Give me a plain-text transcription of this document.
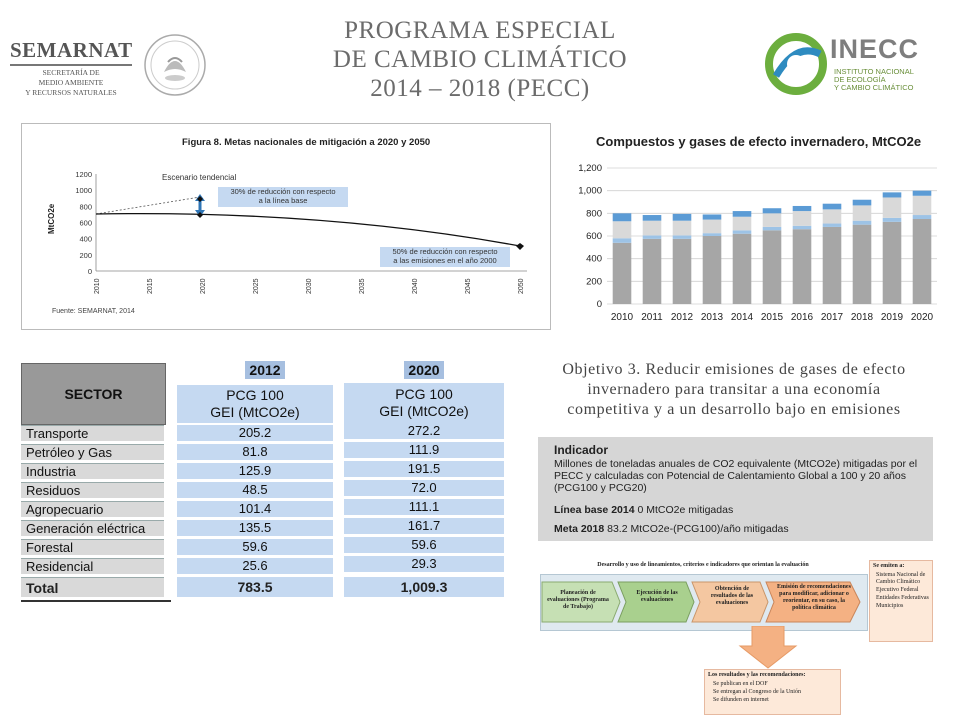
SEMARNAT
SECRETARÍA DE
MEDIO AMBIENTE
Y RECURSOS NATURALES
PROGRAMA ESPECIAL
DE CAMBIO CLIMÁTICO
2014 – 2018 (PECC)
INECC
INSTITUTO NACIONAL
DE ECOLOGÍA
Y CAMBIO CLIMÁTICO
Figura 8. Metas nacionales de mitigación a 2020 y 2050
1200
1000
800
600
400
200
0
2010	2015	2020	2025	2030	2035	2040	2045	2050
MtCO2e
Escenario tendencial
30% de reducción con respecto
a la línea base
50% de reducción con respecto
a las emisiones en el año 2000
Fuente: SEMARNAT, 2014
Compuestos y gases de efecto invernadero, MtCO2e
0
200
400
600
800
1,000
1,200
2010 2011 2012 2013 2014 2015 2016 2017 2018 2019 2020
SECTOR
2012	2020
PCG 100
GEI (MtCO2e)
PCG 100
GEI (MtCO2e)
Transporte	205.2	272.2
Petróleo y Gas	81.8	111.9
Industria	125.9	191.5
Residuos	48.5	72.0
Agropecuario	101.4	111.1
Generación eléctrica	135.5	161.7
Forestal	59.6	59.6
Residencial	25.6	29.3
Total	783.5	1,009.3
Objetivo 3. Reducir emisiones de gases de efecto
invernadero para transitar a una economía
competitiva y a un desarrollo bajo en emisiones
Indicador
Millones de toneladas anuales de CO2 equivalente (MtCO2e) mitigadas por el PECC y calculadas con Potencial de Calentamiento Global a 100 y 20 años (PCG100 y PCG20)
Línea base 2014 0 MtCO2e mitigadas
Meta 2018 83.2 MtCO2e-(PCG100)/año mitigadas
Desarrollo y uso de lineamientos, criterios e indicadores que orientan la evaluación
Planeación de evaluaciones (Programa de Trabajo)
Ejecución de las evaluaciones
Obtención de resultados de las evaluaciones
Emisión de recomendaciones para modificar, adicionar o reorientar, en su caso, la política climática
Se emiten a:
Sistema Nacional de Cambio Climático
Ejecutivo Federal
Entidades Federativas
Municipios
Los resultados y las recomendaciones:
Se publican en el DOF
Se entregan al Congreso de la Unión
Se difunden en internet
